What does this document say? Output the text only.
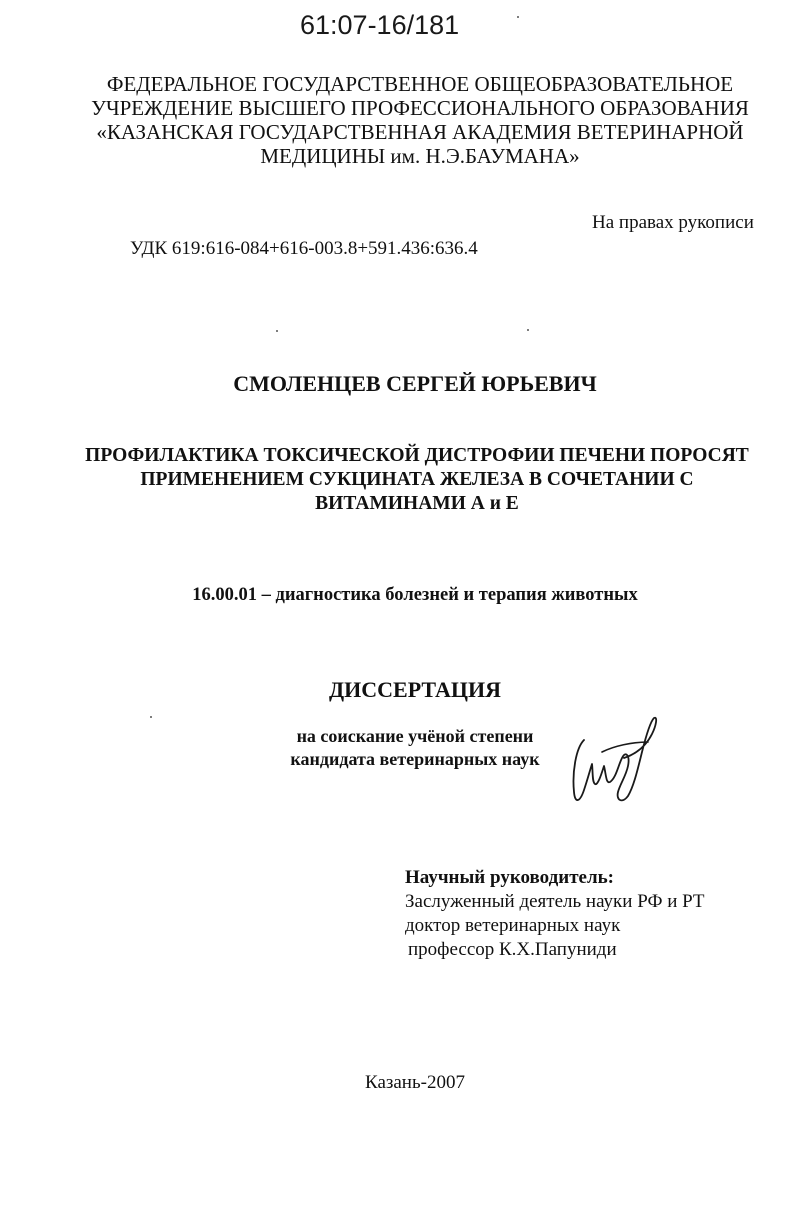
61:07-16/181
ФЕДЕРАЛЬНОЕ ГОСУДАРСТВЕННОЕ ОБЩЕОБРАЗОВАТЕЛЬНОЕ
УЧРЕЖДЕНИЕ ВЫСШЕГО ПРОФЕССИОНАЛЬНОГО ОБРАЗОВАНИЯ
«КАЗАНСКАЯ ГОСУДАРСТВЕННАЯ АКАДЕМИЯ ВЕТЕРИНАРНОЙ
МЕДИЦИНЫ им. Н.Э.БАУМАНА»
На правах рукописи
УДК 619:616-084+616-003.8+591.436:636.4
СМОЛЕНЦЕВ СЕРГЕЙ ЮРЬЕВИЧ
ПРОФИЛАКТИКА ТОКСИЧЕСКОЙ ДИСТРОФИИ ПЕЧЕНИ ПОРОСЯТ
ПРИМЕНЕНИЕМ СУКЦИНАТА ЖЕЛЕЗА В СОЧЕТАНИИ С
ВИТАМИНАМИ А и Е
16.00.01 – диагностика болезней и терапия животных
ДИССЕРТАЦИЯ
на соискание учёной степени
кандидата ветеринарных наук
Научный руководитель:
Заслуженный деятель науки РФ и РТ
доктор ветеринарных наук
профессор К.Х.Папуниди
Казань-2007
